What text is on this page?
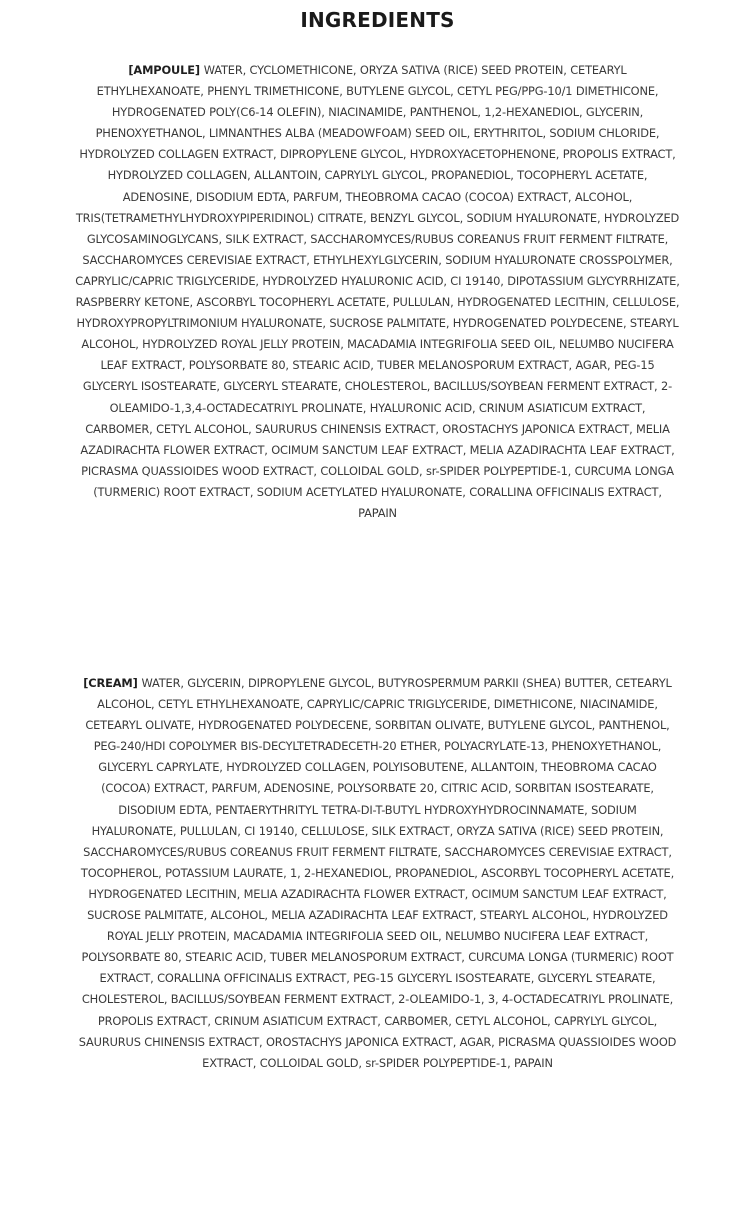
INGREDIENTS
[AMPOULE] WATER, CYCLOMETHICONE, ORYZA SATIVA (RICE) SEED PROTEIN, CETEARYL ETHYLHEXANOATE, PHENYL TRIMETHICONE, BUTYLENE GLYCOL, CETYL PEG/PPG-10/1 DIMETHICONE, HYDROGENATED POLY(C6-14 OLEFIN), NIACINAMIDE, PANTHENOL, 1,2-HEXANEDIOL, GLYCERIN, PHENOXYETHANOL, LIMNANTHES ALBA (MEADOWFOAM) SEED OIL, ERYTHRITOL, SODIUM CHLORIDE, HYDROLYZED COLLAGEN EXTRACT, DIPROPYLENE GLYCOL, HYDROXYACETOPHENONE, PROPOLIS EXTRACT, HYDROLYZED COLLAGEN, ALLANTOIN, CAPRYLYL GLYCOL, PROPANEDIOL, TOCOPHERYL ACETATE, ADENOSINE, DISODIUM EDTA, PARFUM, THEOBROMA CACAO (COCOA) EXTRACT, ALCOHOL, TRIS(TETRAMETHYLHYDROXYPIPERIDINOL) CITRATE, BENZYL GLYCOL, SODIUM HYALURONATE, HYDROLYZED GLYCOSAMINOGLYCANS, SILK EXTRACT, SACCHAROMYCES/RUBUS COREANUS FRUIT FERMENT FILTRATE, SACCHAROMYCES CEREVISIAE EXTRACT, ETHYLHEXYLGLYCERIN, SODIUM HYALURONATE CROSSPOLYMER, CAPRYLIC/CAPRIC TRIGLYCERIDE, HYDROLYZED HYALURONIC ACID, CI 19140, DIPOTASSIUM GLYCYRRHIZATE, RASPBERRY KETONE, ASCORBYL TOCOPHERYL ACETATE, PULLULAN, HYDROGENATED LECITHIN, CELLULOSE, HYDROXYPROPYLTRIMONIUM HYALURONATE, SUCROSE PALMITATE, HYDROGENATED POLYDECENE, STEARYL ALCOHOL, HYDROLYZED ROYAL JELLY PROTEIN, MACADAMIA INTEGRIFOLIA SEED OIL, NELUMBO NUCIFERA LEAF EXTRACT, POLYSORBATE 80, STEARIC ACID, TUBER MELANOSPORUM EXTRACT, AGAR, PEG-15 GLYCERYL ISOSTEARATE, GLYCERYL STEARATE, CHOLESTEROL, BACILLUS/SOYBEAN FERMENT EXTRACT, 2-OLEAMIDO-1,3,4-OCTADECATRIYL PROLINATE, HYALURONIC ACID, CRINUM ASIATICUM EXTRACT, CARBOMER, CETYL ALCOHOL, SAURURUS CHINENSIS EXTRACT, OROSTACHYS JAPONICA EXTRACT, MELIA AZADIRACHTA FLOWER EXTRACT, OCIMUM SANCTUM LEAF EXTRACT, MELIA AZADIRACHTA LEAF EXTRACT, PICRASMA QUASSIOIDES WOOD EXTRACT, COLLOIDAL GOLD, sr-SPIDER POLYPEPTIDE-1, CURCUMA LONGA (TURMERIC) ROOT EXTRACT, SODIUM ACETYLATED HYALURONATE, CORALLINA OFFICINALIS EXTRACT, PAPAIN
[CREAM] WATER, GLYCERIN, DIPROPYLENE GLYCOL, BUTYROSPERMUM PARKII (SHEA) BUTTER, CETEARYL ALCOHOL, CETYL ETHYLHEXANOATE, CAPRYLIC/CAPRIC TRIGLYCERIDE, DIMETHICONE, NIACINAMIDE, CETEARYL OLIVATE, HYDROGENATED POLYDECENE, SORBITAN OLIVATE, BUTYLENE GLYCOL, PANTHENOL, PEG-240/HDI COPOLYMER BIS-DECYLTETRADECETH-20 ETHER, POLYACRYLATE-13, PHENOXYETHANOL, GLYCERYL CAPRYLATE, HYDROLYZED COLLAGEN, POLYISOBUTENE, ALLANTOIN, THEOBROMA CACAO (COCOA) EXTRACT, PARFUM, ADENOSINE, POLYSORBATE 20, CITRIC ACID, SORBITAN ISOSTEARATE, DISODIUM EDTA, PENTAERYTHRITYL TETRA-DI-T-BUTYL HYDROXYHYDROCINNAMATE, SODIUM HYALURONATE, PULLULAN, CI 19140, CELLULOSE, SILK EXTRACT, ORYZA SATIVA (RICE) SEED PROTEIN, SACCHAROMYCES/RUBUS COREANUS FRUIT FERMENT FILTRATE, SACCHAROMYCES CEREVISIAE EXTRACT, TOCOPHEROL, POTASSIUM LAURATE, 1, 2-HEXANEDIOL, PROPANEDIOL, ASCORBYL TOCOPHERYL ACETATE, HYDROGENATED LECITHIN, MELIA AZADIRACHTA FLOWER EXTRACT, OCIMUM SANCTUM LEAF EXTRACT, SUCROSE PALMITATE, ALCOHOL, MELIA AZADIRACHTA LEAF EXTRACT, STEARYL ALCOHOL, HYDROLYZED ROYAL JELLY PROTEIN, MACADAMIA INTEGRIFOLIA SEED OIL, NELUMBO NUCIFERA LEAF EXTRACT, POLYSORBATE 80, STEARIC ACID, TUBER MELANOSPORUM EXTRACT, CURCUMA LONGA (TURMERIC) ROOT EXTRACT, CORALLINA OFFICINALIS EXTRACT, PEG-15 GLYCERYL ISOSTEARATE, GLYCERYL STEARATE, CHOLESTEROL, BACILLUS/SOYBEAN FERMENT EXTRACT, 2-OLEAMIDO-1, 3, 4-OCTADECATRIYL PROLINATE, PROPOLIS EXTRACT, CRINUM ASIATICUM EXTRACT, CARBOMER, CETYL ALCOHOL, CAPRYLYL GLYCOL, SAURURUS CHINENSIS EXTRACT, OROSTACHYS JAPONICA EXTRACT, AGAR, PICRASMA QUASSIOIDES WOOD EXTRACT, COLLOIDAL GOLD, sr-SPIDER POLYPEPTIDE-1, PAPAIN
